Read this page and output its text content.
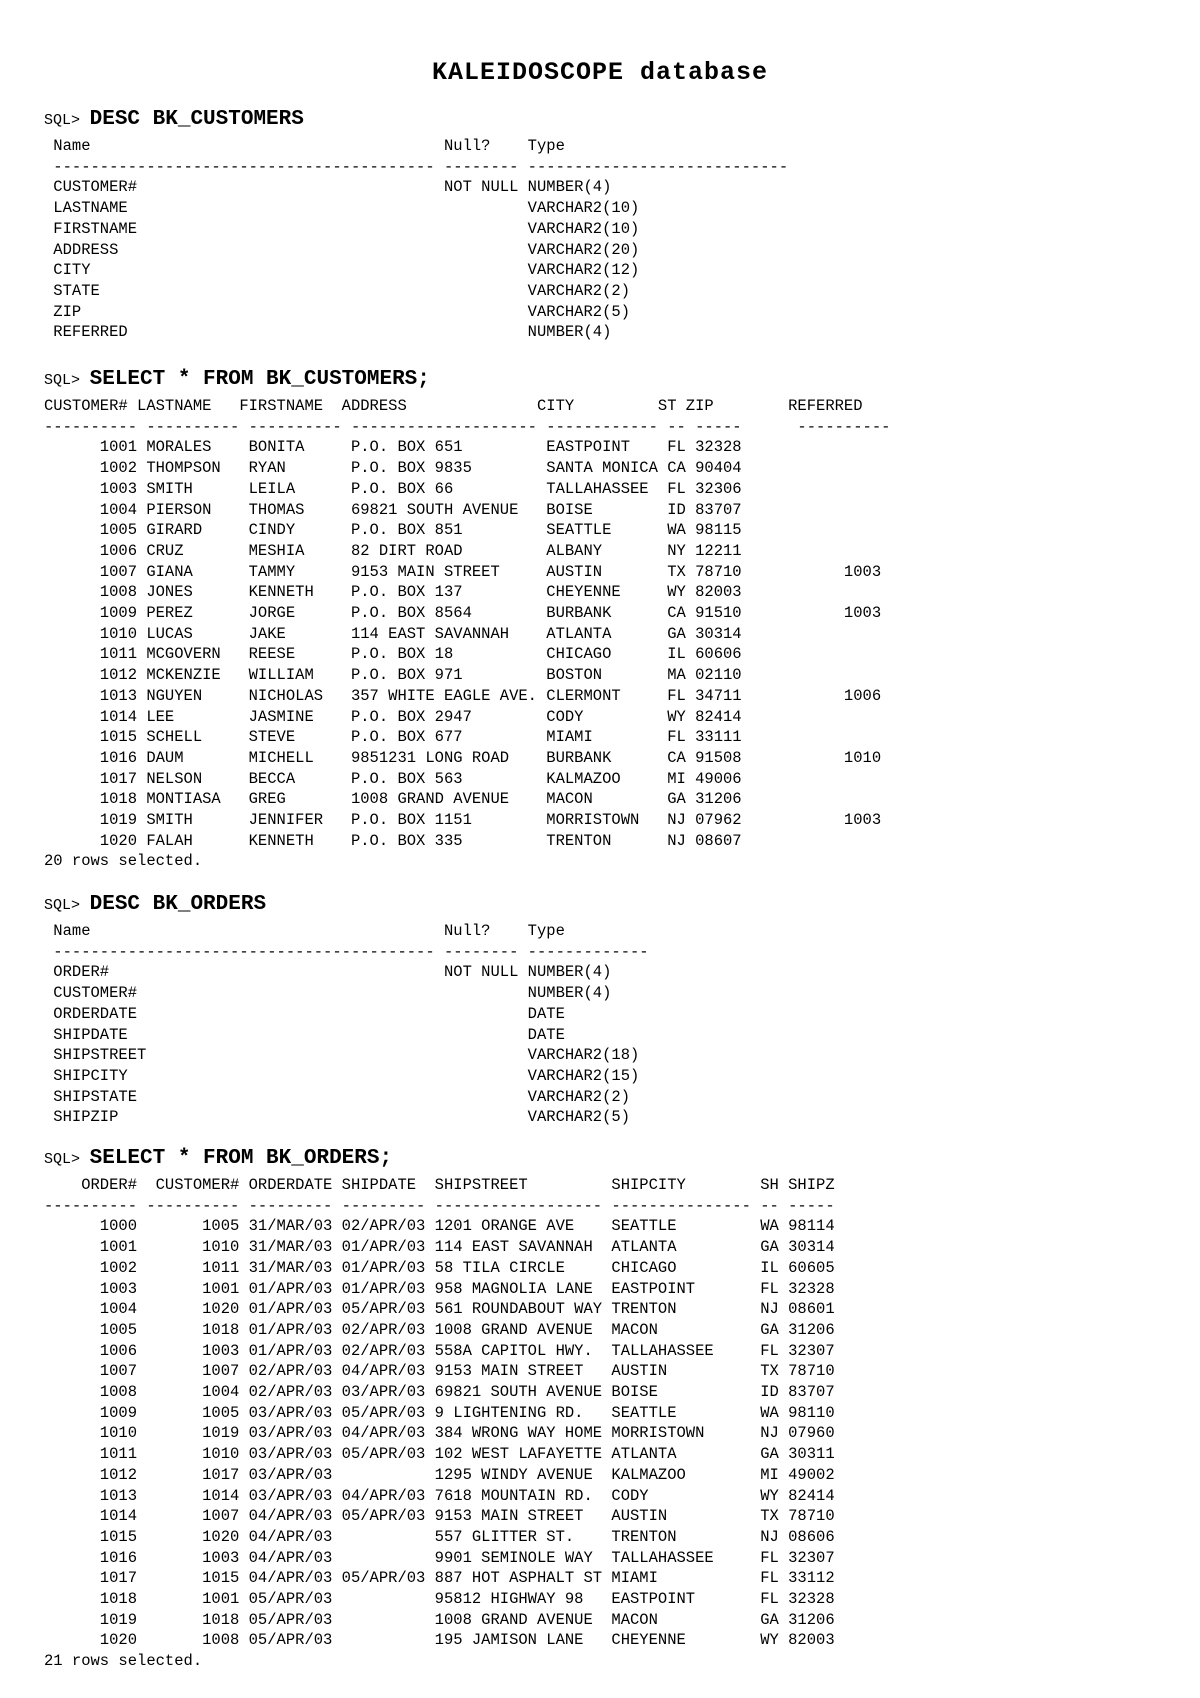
KALEIDOSCOPE database
SQL> DESC BK_CUSTOMERS
Name                                      Null?    Type
----------------------------------------- -------- ----------------------------
CUSTOMER#                                 NOT NULL NUMBER(4)
LASTNAME                                           VARCHAR2(10)
FIRSTNAME                                          VARCHAR2(10)
ADDRESS                                            VARCHAR2(20)
CITY                                               VARCHAR2(12)
STATE                                              VARCHAR2(2)
ZIP                                                VARCHAR2(5)
REFERRED                                           NUMBER(4)
SQL> SELECT * FROM BK_CUSTOMERS;
CUSTOMER# LASTNAME   FIRSTNAME  ADDRESS              CITY         ST ZIP        REFERRED
---------- ---------- ---------- -------------------- ------------ -- -----      ----------
1001 MORALES    BONITA     P.O. BOX 651         EASTPOINT    FL 32328
1002 THOMPSON   RYAN       P.O. BOX 9835        SANTA MONICA CA 90404
1003 SMITH      LEILA      P.O. BOX 66          TALLAHASSEE  FL 32306
1004 PIERSON    THOMAS     69821 SOUTH AVENUE   BOISE        ID 83707
1005 GIRARD     CINDY      P.O. BOX 851         SEATTLE      WA 98115
1006 CRUZ       MESHIA     82 DIRT ROAD         ALBANY       NY 12211
1007 GIANA      TAMMY      9153 MAIN STREET     AUSTIN       TX 78710           1003
1008 JONES      KENNETH    P.O. BOX 137         CHEYENNE     WY 82003
1009 PEREZ      JORGE      P.O. BOX 8564        BURBANK      CA 91510           1003
1010 LUCAS      JAKE       114 EAST SAVANNAH    ATLANTA      GA 30314
1011 MCGOVERN   REESE      P.O. BOX 18          CHICAGO      IL 60606
1012 MCKENZIE   WILLIAM    P.O. BOX 971         BOSTON       MA 02110
1013 NGUYEN     NICHOLAS   357 WHITE EAGLE AVE. CLERMONT     FL 34711           1006
1014 LEE        JASMINE    P.O. BOX 2947        CODY         WY 82414
1015 SCHELL     STEVE      P.O. BOX 677         MIAMI        FL 33111
1016 DAUM       MICHELL    9851231 LONG ROAD    BURBANK      CA 91508           1010
1017 NELSON     BECCA      P.O. BOX 563         KALMAZOO     MI 49006
1018 MONTIASA   GREG       1008 GRAND AVENUE    MACON        GA 31206
1019 SMITH      JENNIFER   P.O. BOX 1151        MORRISTOWN   NJ 07962           1003
1020 FALAH      KENNETH    P.O. BOX 335         TRENTON      NJ 08607
20 rows selected.
SQL> DESC BK_ORDERS
Name                                      Null?    Type
----------------------------------------- -------- -------------
ORDER#                                    NOT NULL NUMBER(4)
CUSTOMER#                                          NUMBER(4)
ORDERDATE                                          DATE
SHIPDATE                                           DATE
SHIPSTREET                                         VARCHAR2(18)
SHIPCITY                                           VARCHAR2(15)
SHIPSTATE                                          VARCHAR2(2)
SHIPZIP                                            VARCHAR2(5)
SQL> SELECT * FROM BK_ORDERS;
ORDER#  CUSTOMER# ORDERDATE SHIPDATE  SHIPSTREET         SHIPCITY        SH SHIPZ
---------- ---------- --------- --------- ------------------ --------------- -- -----
1000       1005 31/MAR/03 02/APR/03 1201 ORANGE AVE    SEATTLE         WA 98114
1001       1010 31/MAR/03 01/APR/03 114 EAST SAVANNAH  ATLANTA         GA 30314
1002       1011 31/MAR/03 01/APR/03 58 TILA CIRCLE     CHICAGO         IL 60605
1003       1001 01/APR/03 01/APR/03 958 MAGNOLIA LANE  EASTPOINT       FL 32328
1004       1020 01/APR/03 05/APR/03 561 ROUNDABOUT WAY TRENTON         NJ 08601
1005       1018 01/APR/03 02/APR/03 1008 GRAND AVENUE  MACON           GA 31206
1006       1003 01/APR/03 02/APR/03 558A CAPITOL HWY.  TALLAHASSEE     FL 32307
1007       1007 02/APR/03 04/APR/03 9153 MAIN STREET   AUSTIN          TX 78710
1008       1004 02/APR/03 03/APR/03 69821 SOUTH AVENUE BOISE           ID 83707
1009       1005 03/APR/03 05/APR/03 9 LIGHTENING RD.   SEATTLE         WA 98110
1010       1019 03/APR/03 04/APR/03 384 WRONG WAY HOME MORRISTOWN      NJ 07960
1011       1010 03/APR/03 05/APR/03 102 WEST LAFAYETTE ATLANTA         GA 30311
1012       1017 03/APR/03           1295 WINDY AVENUE  KALMAZOO        MI 49002
1013       1014 03/APR/03 04/APR/03 7618 MOUNTAIN RD.  CODY            WY 82414
1014       1007 04/APR/03 05/APR/03 9153 MAIN STREET   AUSTIN          TX 78710
1015       1020 04/APR/03           557 GLITTER ST.    TRENTON         NJ 08606
1016       1003 04/APR/03           9901 SEMINOLE WAY  TALLAHASSEE     FL 32307
1017       1015 04/APR/03 05/APR/03 887 HOT ASPHALT ST MIAMI           FL 33112
1018       1001 05/APR/03           95812 HIGHWAY 98   EASTPOINT       FL 32328
1019       1018 05/APR/03           1008 GRAND AVENUE  MACON           GA 31206
1020       1008 05/APR/03           195 JAMISON LANE   CHEYENNE        WY 82003
21 rows selected.
